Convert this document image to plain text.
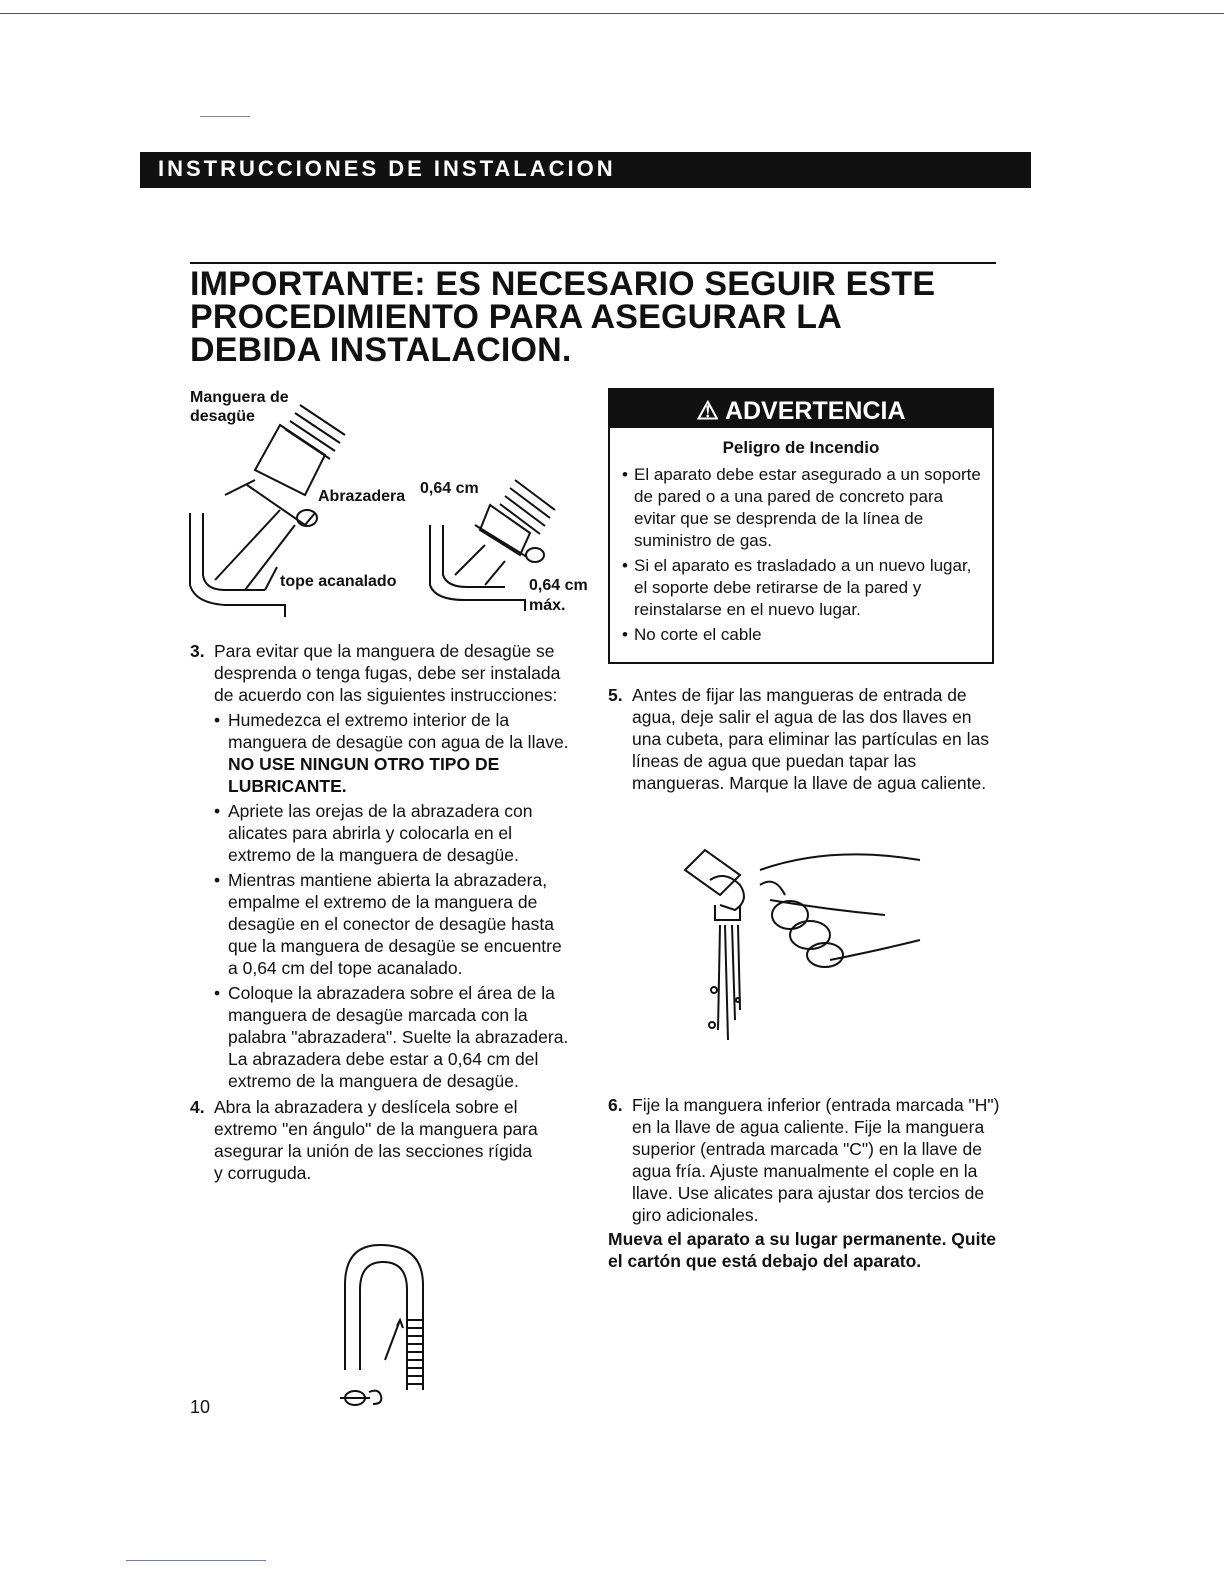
INSTRUCCIONES DE INSTALACION
IMPORTANTE: ES NECESARIO SEGUIR ESTE
PROCEDIMIENTO PARA ASEGURAR LA
DEBIDA INSTALACION.
Manguera de
desagüe
Abrazadera 0,64 cm
tope acanalado	0,64 cm
máx.
3. Para evitar que la manguera de desagüe se desprenda o tenga fugas, debe ser instalada de acuerdo con las siguientes instrucciones:
• Humedezca el extremo interior de la manguera de desagüe con agua de la llave. NO USE NINGUN OTRO TIPO DE LUBRICANTE.
• Apriete las orejas de la abrazadera con alicates para abrirla y colocarla en el extremo de la manguera de desagüe.
• Mientras mantiene abierta la abrazadera, empalme el extremo de la manguera de desagüe en el conector de desagüe hasta que la manguera de desagüe se encuentre a 0,64 cm del tope acanalado.
• Coloque la abrazadera sobre el área de la manguera de desagüe marcada con la palabra "abrazadera". Suelte la abrazadera. La abrazadera debe estar a 0,64 cm del extremo de la manguera de desagüe.
4. Abra la abrazadera y deslícela sobre el
extremo "en ángulo" de la manguera para
asegurar la unión de las secciones rígida
y corruguda.
⚠ ADVERTENCIA
Peligro de Incendio
• El aparato debe estar asegurado a un soporte de pared o a una pared de concreto para evitar que se desprenda de la línea de suministro de gas.
• Si el aparato es trasladado a un nuevo lugar, el soporte debe retirarse de la pared y reinstalarse en el nuevo lugar.
• No corte el cable
5. Antes de fijar las mangueras de entrada de agua, deje salir el agua de las dos llaves en una cubeta, para eliminar las partículas en las líneas de agua que puedan tapar las mangueras. Marque la llave de agua caliente.
6. Fije la manguera inferior (entrada marcada "H") en la llave de agua caliente. Fije la manguera superior (entrada marcada "C") en la llave de agua fría. Ajuste manualmente el cople en la llave. Use alicates para ajustar dos tercios de giro adicionales.
Mueva el aparato a su lugar permanente. Quite el cartón que está debajo del aparato.
10
